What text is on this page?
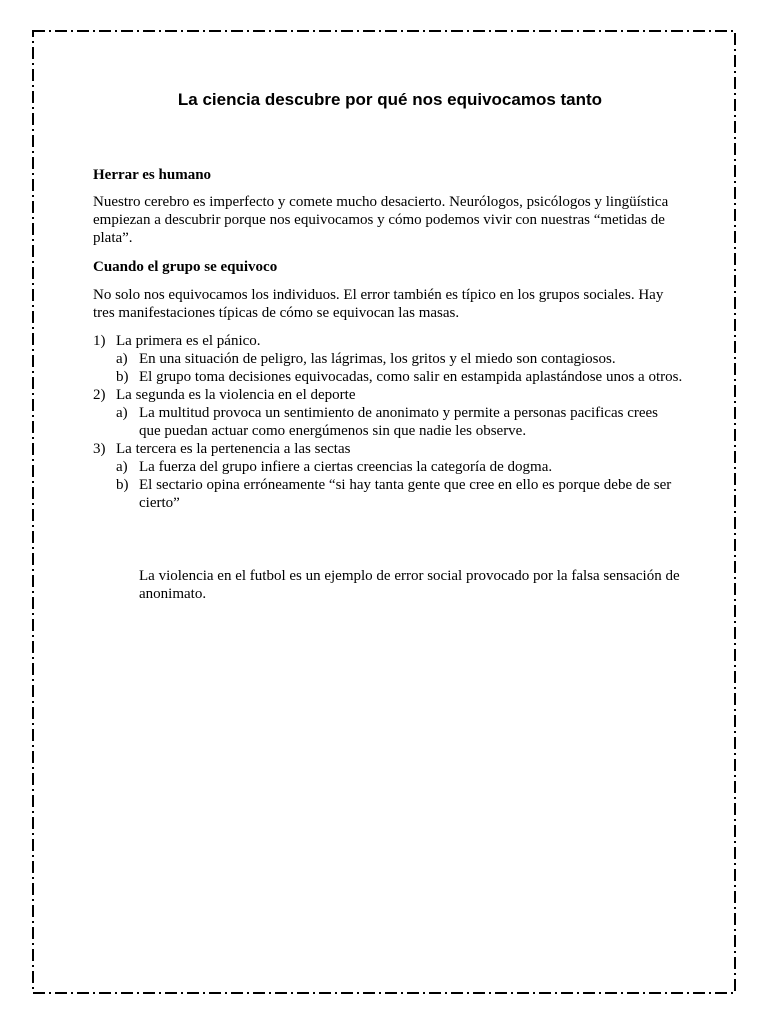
La ciencia descubre por qué nos equivocamos tanto

Herrar es humano

Nuestro cerebro es imperfecto y comete mucho desacierto. Neurólogos, psicólogos y lingüística empiezan a descubrir porque nos equivocamos y cómo podemos vivir con nuestras “metidas de plata”.

Cuando el grupo se equivoco

No solo nos equivocamos los individuos. El error también es típico en los grupos sociales. Hay tres manifestaciones típicas de cómo se equivocan las masas.

1) La primera es el pánico.
a) En una situación de peligro, las lágrimas, los gritos y el miedo son contagiosos.
b) El grupo toma decisiones equivocadas, como salir en estampida aplastándose unos a otros.
2) La segunda es la violencia en el deporte
a) La multitud provoca un sentimiento de anonimato y permite a personas pacificas crees que puedan actuar como energúmenos sin que nadie les observe.
3) La tercera es la pertenencia a las sectas
a) La fuerza del grupo infiere a ciertas creencias la categoría de dogma.
b) El sectario opina erróneamente “si hay tanta gente que cree en ello es porque debe de ser cierto”

La violencia en el futbol es un ejemplo de error social provocado por la falsa sensación de anonimato.
